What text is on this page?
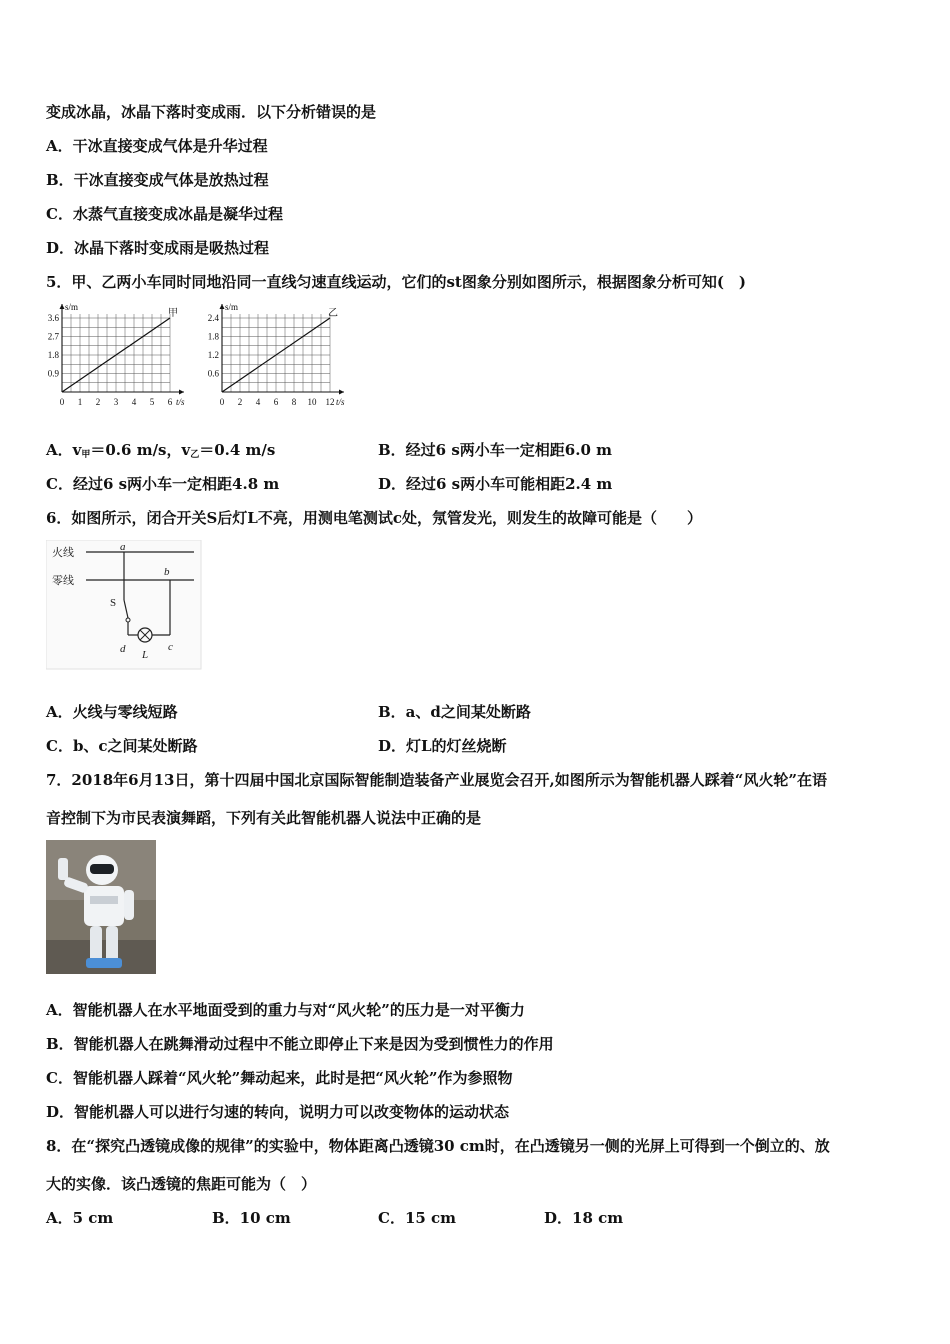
变成冰晶，冰晶下落时变成雨．以下分析错误的是
A．干冰直接变成气体是升华过程
B．干冰直接变成气体是放热过程
C．水蒸气直接变成冰晶是凝华过程
D．冰晶下落时变成雨是吸热过程
5．甲、乙两小车同时同地沿同一直线匀速直线运动，它们的st图象分别如图所示，根据图象分析可知(　)
s/m
t/s
0 1 2 3 4 5 6
0.9
1.8
2.7
3.6	甲
s/m
t/s
0 2 4 6 8 10 12
0.6
1.2
1.8
2.4	乙
A．$v_甲=0.6$ m/s，$v_乙=0.4$ m/s	B．经过6 s两小车一定相距6.0 m
C．经过6 s两小车一定相距4.8 m	D．经过6 s两小车可能相距2.4 m
6．如图所示，闭合开关S后灯L不亮，用测电笔测试c处，氖管发光，则发生的故障可能是（　　）
火线
零线
a
b
S
d L
c
A．火线与零线短路	B．a、d之间某处断路
C．b、c之间某处断路	D．灯L的灯丝烧断
7．2018年6月13日，第十四届中国北京国际智能制造装备产业展览会召开,如图所示为智能机器人踩着“风火轮”在语
音控制下为市民表演舞蹈，下列有关此智能机器人说法中正确的是
A．智能机器人在水平地面受到的重力与对“风火轮”的压力是一对平衡力
B．智能机器人在跳舞滑动过程中不能立即停止下来是因为受到惯性力的作用
C．智能机器人踩着“风火轮”舞动起来，此时是把“风火轮”作为参照物
D．智能机器人可以进行匀速的转向，说明力可以改变物体的运动状态
8．在“探究凸透镜成像的规律”的实验中，物体距离凸透镜30 cm时，在凸透镜另一侧的光屏上可得到一个倒立的、放
大的实像．该凸透镜的焦距可能为（　）
A．5 cm	B．10 cm	C．15 cm	D．18 cm
